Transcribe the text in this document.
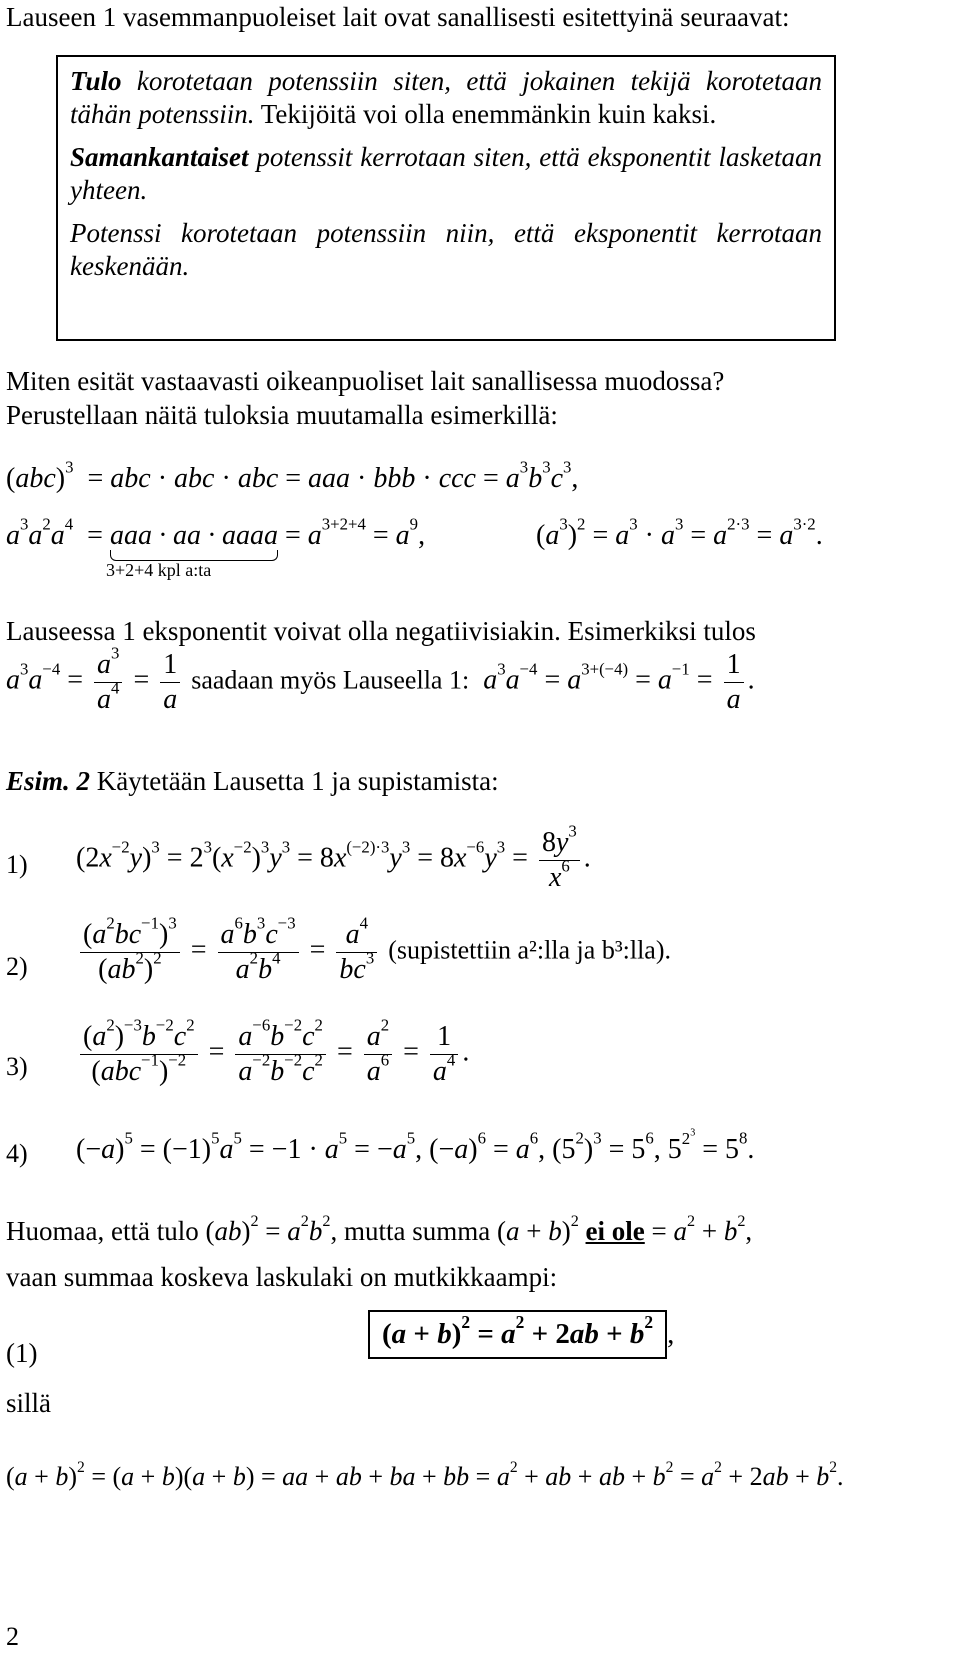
Lauseen 1 vasemmanpuoleiset lait ovat sanallisesti esitettyinä seuraavat:

Tulo korotetaan potenssiin siten, että jokainen tekijä korotetaan tähän potenssiin. Tekijöitä voi olla enemmänkin kuin kaksi.

Samankantaiset potenssit kerrotaan siten, että eksponentit lasketaan yhteen.

Potenssi korotetaan potenssiin niin, että eksponentit kerrotaan keskenään.

Miten esität vastaavasti oikeanpuoliset lait sanallisessa muodossa?
Perustellaan näitä tuloksia muutamalla esimerkillä:
(abc)$^3$  = abc · abc · abc = aaa · bbb · ccc = $a^3b^3c^3$,
$a^3a^2a^4$  = aaa · aa · aaaa
3+2+4 kpl a:ta
= $a^{3+2+4} = a^9$,	$(a^3)^2 = a^3 \cdot a^3 = a^{2\cdot 3} = a^{3\cdot 2}$.
Lauseessa 1 eksponentit voivat olla negatiivisiakin. Esimerkiksi tulos
$a^3a^{-4} = \frac{a^3}{a^4} = \frac{1}{a}$ saadaan myös Lauseella 1: $a^3a^{-4} = a^{3+(-4)} = a^{-1} = \frac{1}{a}$ .
Esim. 2 Käytetään Lausetta 1 ja supistamista:
1) $(2x^{-2}y)^3 = 2^3(x^{-2})^3y^3 = 8x^{(-2)\cdot 3}y^3 = 8x^{-6}y^3 = \frac{8y^3}{x^6}$ .
$2) \frac{(a^2bc^{-1})^3}{(ab^2)^2} = \frac{a^6b^3c^{-3}}{a^2b^4} = \frac{a^4}{bc^3}$ (supistettiin a²:lla ja b³:lla).
$3) \frac{(a^2)^{-3}b^{-2}c^2}{(abc^{-1})^{-2}} = \frac{a^{-6}b^{-2}c^2}{a^{-2}b^{-2}c^2} = \frac{a^2}{a^6} = \frac{1}{a^4}$ .
4) $(-a)^5 = (-1)^5a^5 = -1 \cdot a^5 = -a^5$, $(-a)^6 = a^6$, $(5^2)^3 = 5^6$, $5^{2^3} = 5^8$.
Huomaa, että tulo $(ab)^2 = a^2b^2$, mutta summa $(a + b)^2$ ei ole = $a^2 + b^2$,
vaan summaa koskeva laskulaki on mutkikkaampi:
(1)
$(a + b)^2 = a^2 + 2ab + b^2$ ,
sillä
$(a + b)^2 = (a + b)(a + b)$ = aa + ab + ba + bb = $a^2$ + ab + ab + $b^2 = a^2 + 2ab + b^2$.
2
